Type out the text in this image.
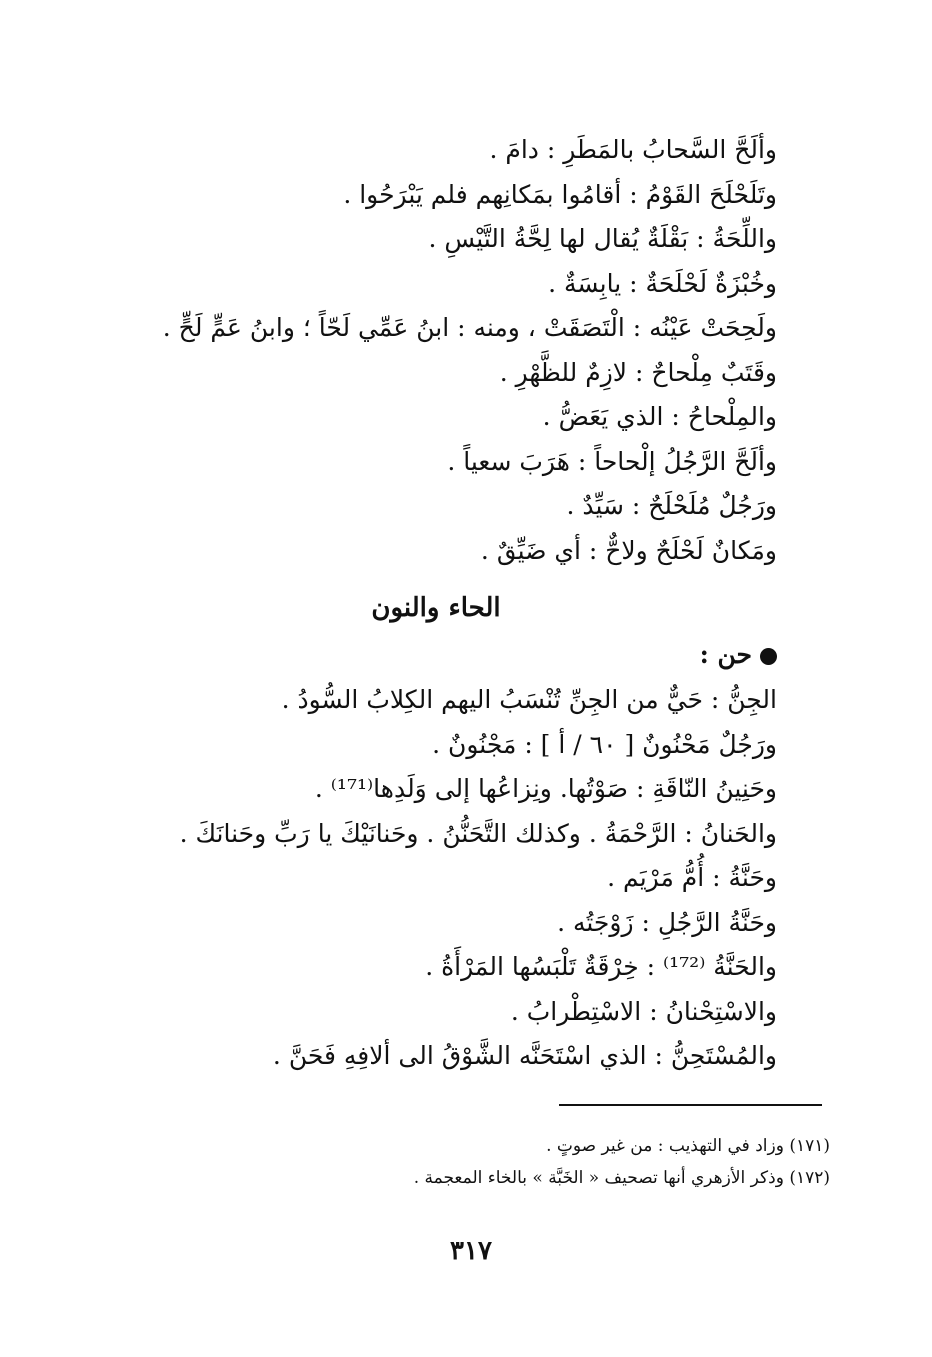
وألَحَّ السَّحابُ بالمَطَرِ : دامَ .
وتَلَحْلَحَ القَوْمُ : أقامُوا بمَكانِهم فلم يَبْرَحُوا .
واللِّحَةُ : بَقْلَةٌ يُقال لها لِحَّةُ التَّيْسِ .
وخُبْزَةٌ لَحْلَحَةٌ : يابِسَةٌ .
ولَحِحَتْ عَيْنُه : الْتَصَقَتْ ، ومنه : ابنُ عَمِّي لَحّاً ؛ وابنُ عَمٍّ لَحٍّ .
وقَتَبٌ مِلْحاحٌ : لازِمٌ للظَّهْرِ .
والمِلْحاحُ : الذي يَعَضُّ .
وألَحَّ الرَّجُلُ إلْحاحاً : هَرَبَ سعياً .
ورَجُلٌ مُلَحْلَحٌ : سَيِّدٌ .
ومَكانٌ لَحْلَحٌ ولاحٌّ : أي ضَيِّقٌ .
الحاء والنون
حن :
الجِنُّ : حَيٌّ من الجِنِّ تُنْسَبُ اليهم الكِلابُ السُّودُ .
ورَجُلٌ مَحْنُونٌ [ ٦٠ / أ ] : مَجْنُونٌ .
وحَنِينُ النّاقَةِ : صَوْتُها. ونِزاعُها إلى وَلَدِها⁽¹⁷¹⁾ .
والحَنانُ : الرَّحْمَةُ . وكذلك التَّحَنُّنُ . وحَنانَيْكَ يا رَبِّ وحَنانَكَ .
وحَنَّةُ : أُمُّ مَرْيَم .
وحَنَّةُ الرَّجُلِ : زَوْجَتُه .
والحَنَّةُ ⁽¹⁷²⁾ : خِرْقَةٌ تَلْبَسُها المَرْأَةُ .
والاسْتِحْنانُ : الاسْتِطْرابُ .
والمُسْتَحِنُّ : الذي اسْتَحَنَّه الشَّوْقُ الى ألافِهِ فَحَنَّ .
(١٧١) وزاد في التهذيب : من غير صوتٍ .
(١٧٢) وذكر الأزهري أنها تصحيف « الخَبَّة » بالخاء المعجمة .
٣١٧
